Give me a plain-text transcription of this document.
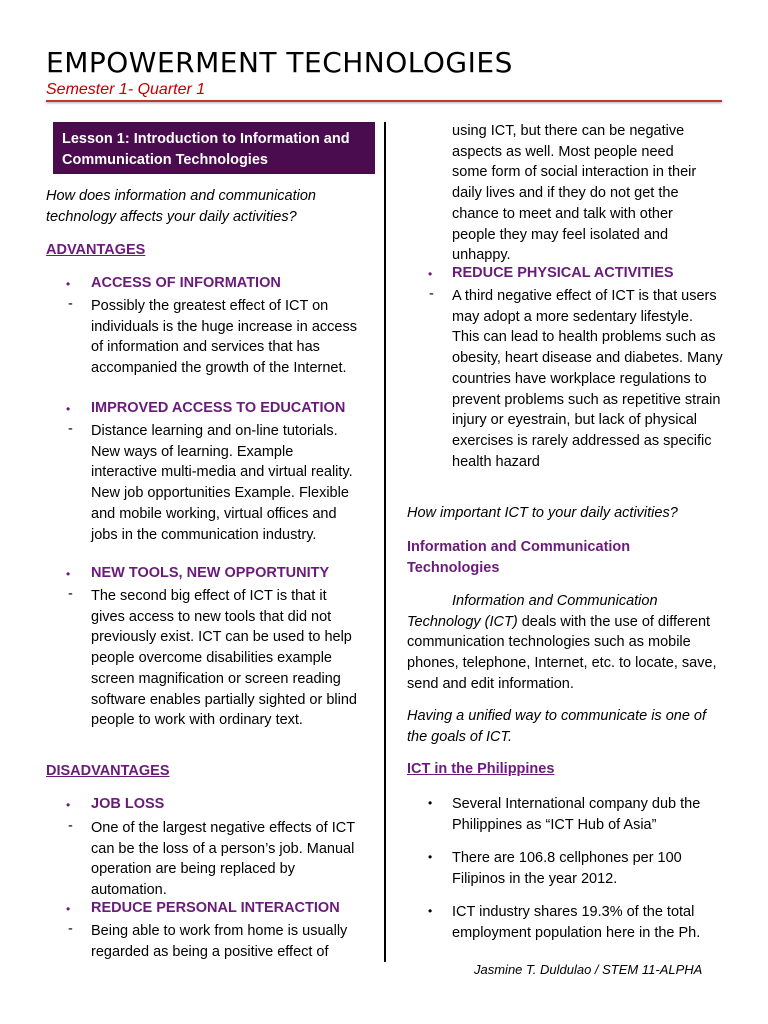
EMPOWERMENT TECHNOLOGIES
Semester 1- Quarter 1
Lesson 1: Introduction to Information and Communication Technologies
How does information and communication technology affects your daily activities?
ADVANTAGES
• ACCESS OF INFORMATION
- Possibly the greatest effect of ICT on individuals is the huge increase in access of information and services that has accompanied the growth of the Internet.
• IMPROVED ACCESS TO EDUCATION
- Distance learning and on-line tutorials. New ways of learning. Example interactive multi-media and virtual reality. New job opportunities Example. Flexible and mobile working, virtual offices and jobs in the communication industry.
• NEW TOOLS, NEW OPPORTUNITY
- The second big effect of ICT is that it gives access to new tools that did not previously exist. ICT can be used to help people overcome disabilities example screen magnification or screen reading software enables partially sighted or blind people to work with ordinary text.
DISADVANTAGES
• JOB LOSS
- One of the largest negative effects of ICT can be the loss of a person’s job. Manual operation are being replaced by automation.
• REDUCE PERSONAL INTERACTION
- Being able to work from home is usually regarded as being a positive effect of
using ICT, but there can be negative aspects as well. Most people need some form of social interaction in their daily lives and if they do not get the chance to meet and talk with other people they may feel isolated and unhappy.
• REDUCE PHYSICAL ACTIVITIES
- A third negative effect of ICT is that users may adopt a more sedentary lifestyle. This can lead to health problems such as obesity, heart disease and diabetes. Many countries have workplace regulations to prevent problems such as repetitive strain injury or eyestrain, but lack of physical exercises is rarely addressed as specific health hazard
How important ICT to your daily activities?
Information and Communication Technologies
Information and Communication Technology (ICT) deals with the use of different communication technologies such as mobile phones, telephone, Internet, etc. to locate, save, send and edit information.
Having a unified way to communicate is one of the goals of ICT.
ICT in the Philippines
• Several International company dub the Philippines as “ICT Hub of Asia”
• There are 106.8 cellphones per 100 Filipinos in the year 2012.
• ICT industry shares 19.3% of the total employment population here in the Ph.
Jasmine T. Duldulao / STEM 11-ALPHA
